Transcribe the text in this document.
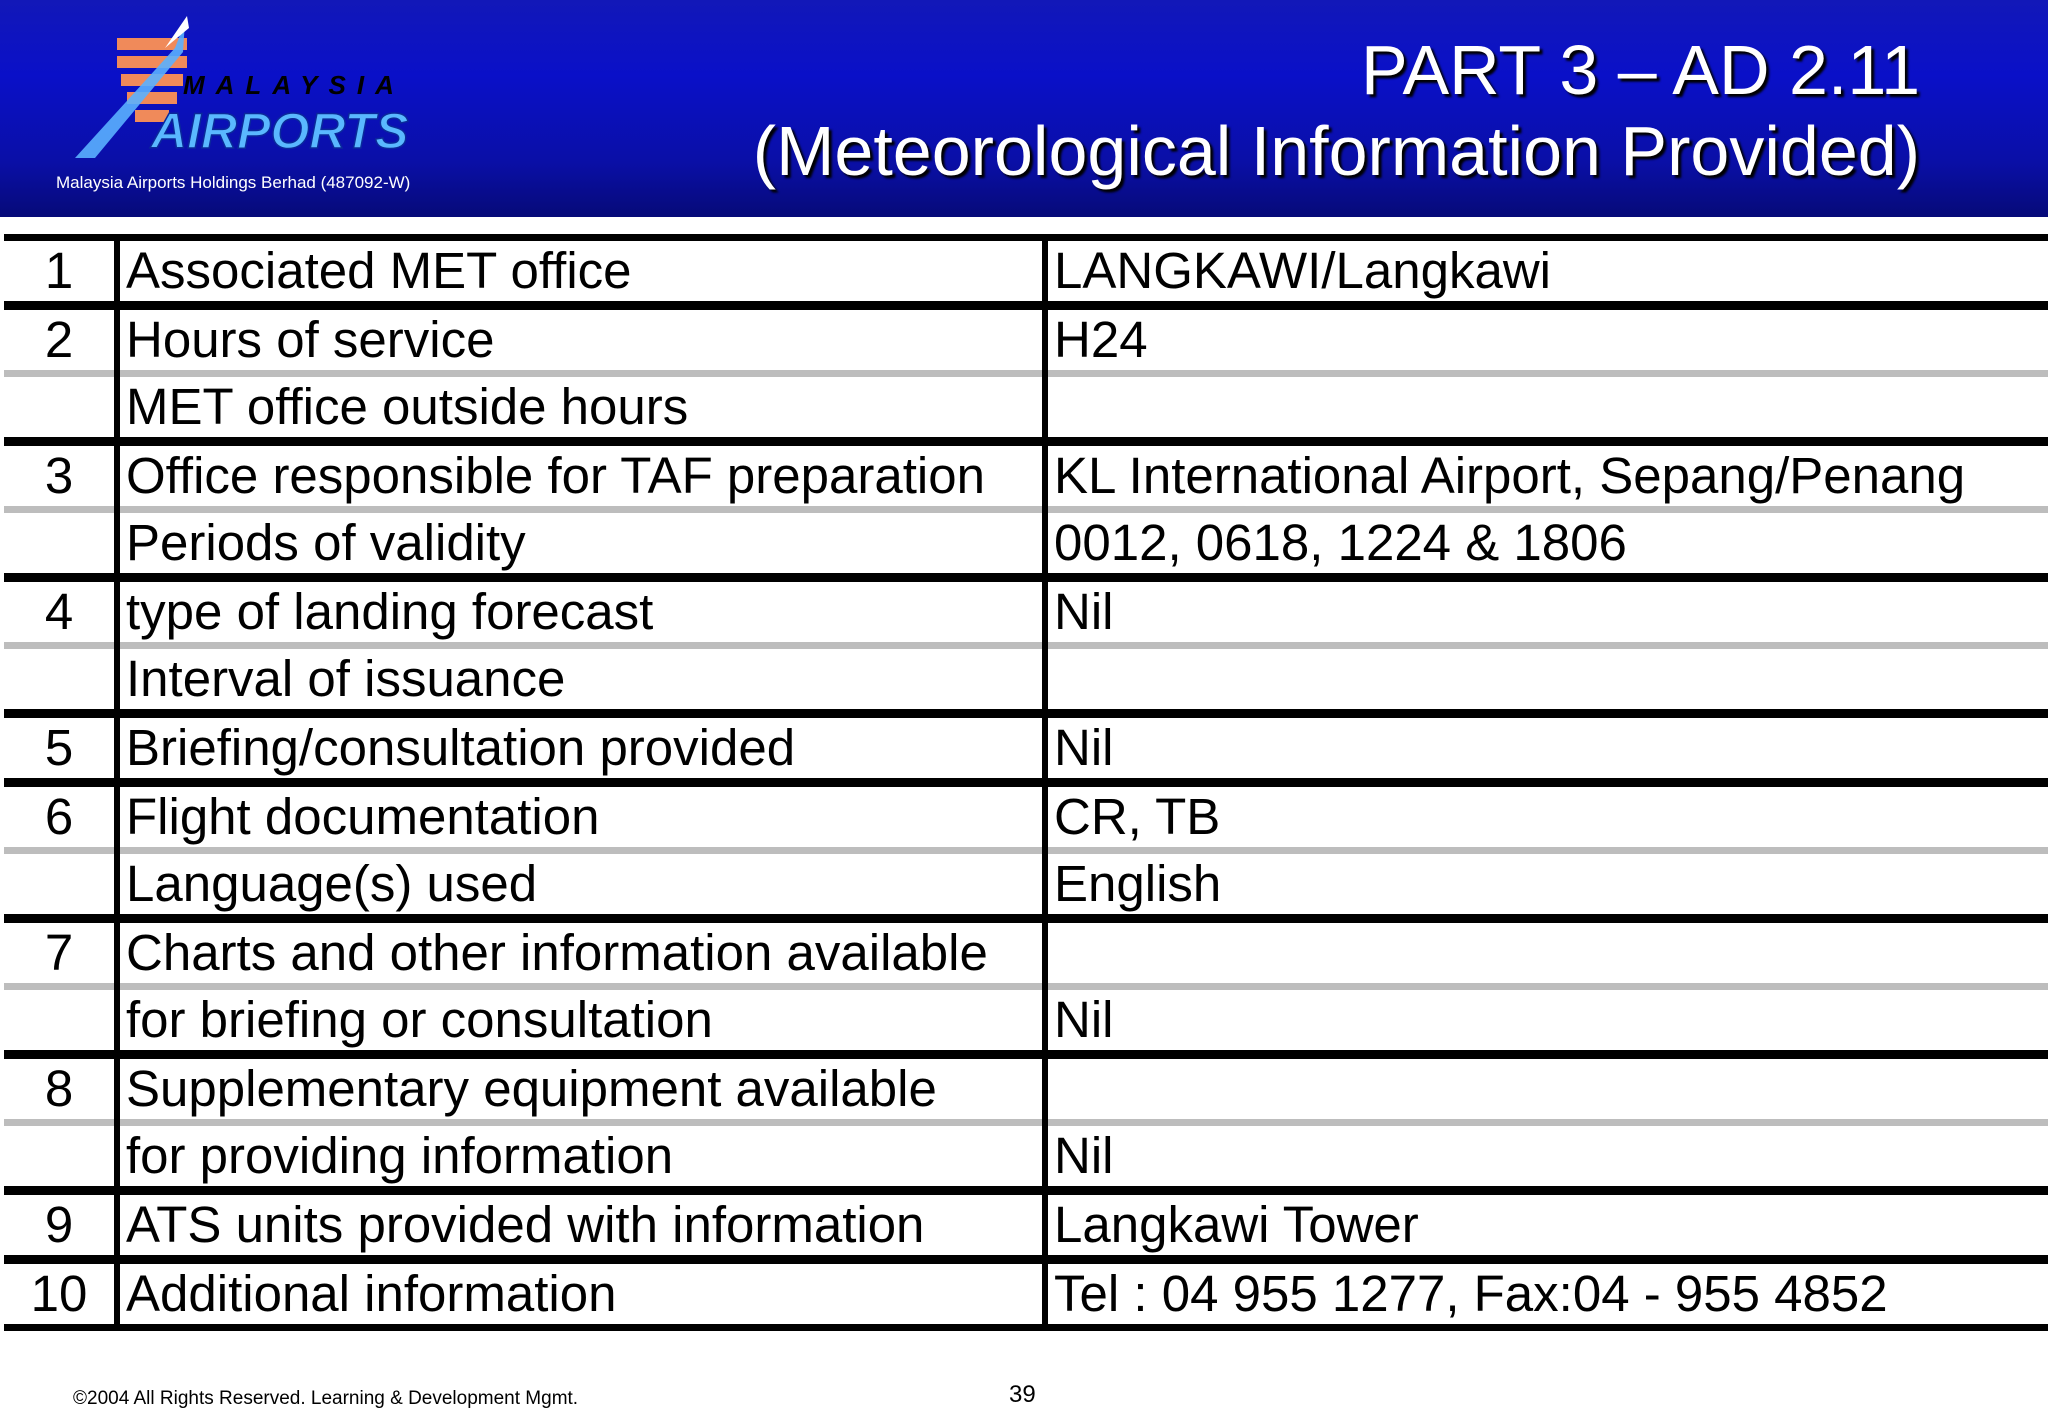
MALAYSIA
AIRPORTS
Malaysia Airports Holdings Berhad (487092-W)
PART 3 – AD 2.11
(Meteorological Information Provided)
1	Associated MET office	LANGKAWI/Langkawi
2	Hours of service	H24
MET office outside hours
3	Office responsible for TAF preparation	KL International Airport, Sepang/Penang
Periods of validity	0012, 0618, 1224 & 1806
4	type of landing forecast	Nil
Interval of issuance
5	Briefing/consultation provided	Nil
6	Flight documentation	CR, TB
Language(s) used	English
7	Charts and other information available
for briefing or consultation	Nil
8	Supplementary equipment available
for providing information	Nil
9	ATS units provided with information	Langkawi Tower
10 Additional information	Tel : 04 955 1277, Fax:04 - 955 4852
©2004 All Rights Reserved. Learning & Development Mgmt.	39
